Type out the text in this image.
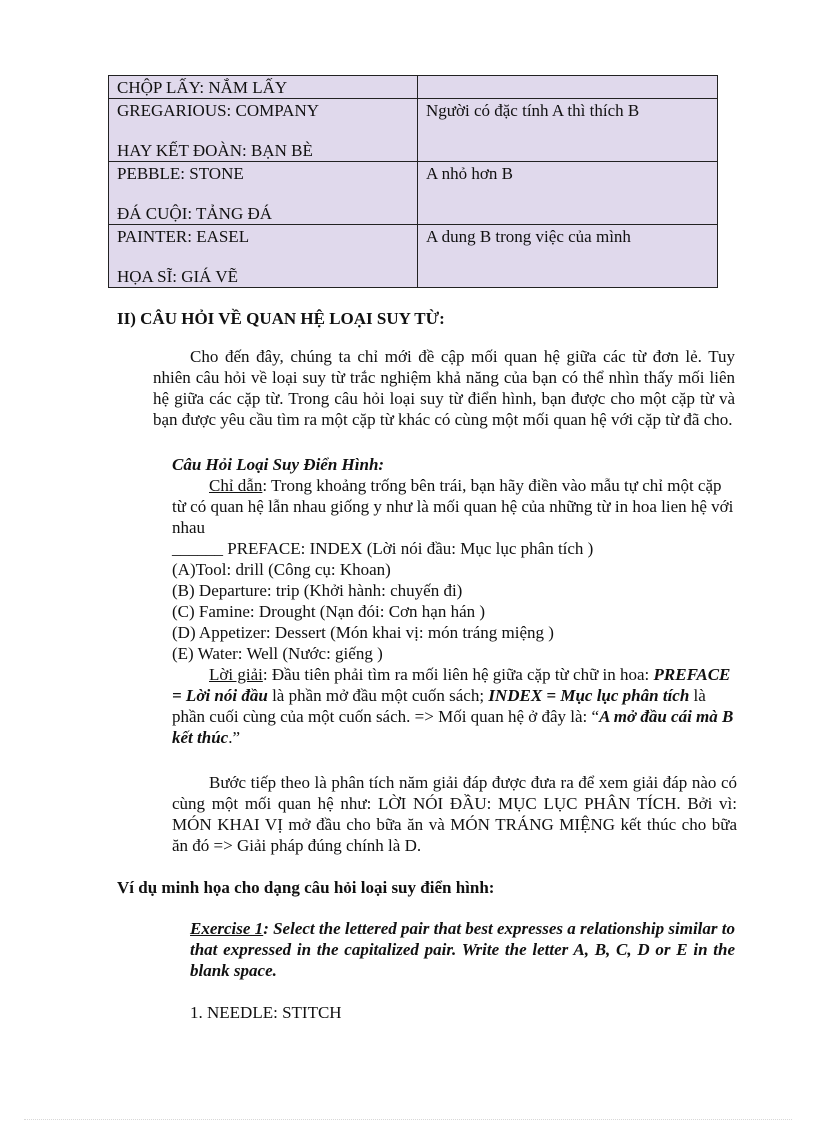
CHỘP LẤY: NẮM LẤY	

GREGARIOUS: COMPANY
HAY KẾT ĐOÀN: BẠN BÈ	Người có đặc tính A thì thích B

PEBBLE: STONE
ĐÁ CUỘI: TẢNG ĐÁ	A nhỏ hơn B

PAINTER: EASEL
HỌA SĨ: GIÁ VẼ	A dung B trong việc của mình
II) CÂU HỎI VỀ QUAN HỆ LOẠI SUY TỪ:
Cho đến đây, chúng ta chỉ mới đề cập mối quan hệ giữa các từ đơn lẻ. Tuy nhiên câu hỏi về loại suy từ trắc nghiệm khả năng của bạn có thể nhìn thấy mối liên hệ giữa các cặp từ. Trong câu hỏi loại suy từ điển hình, bạn được cho một cặp từ và bạn được yêu cầu tìm ra một cặp từ khác có cùng một mối quan hệ với cặp từ đã cho.
Câu Hỏi Loại Suy Điển Hình:

Chỉ dẫn: Trong khoảng trống bên trái, bạn hãy điền vào mẫu tự chỉ một cặp từ có quan hệ lẫn nhau giống y như là mối quan hệ của những từ in hoa lien hệ với nhau

______ PREFACE: INDEX (Lời nói đầu: Mục lục phân tích )

(A)Tool: drill (Công cụ: Khoan)

(B) Departure: trip (Khởi hành: chuyến đi)

(C) Famine: Drought (Nạn đói: Cơn hạn hán )

(D) Appetizer: Dessert (Món khai vị: món tráng miệng )

(E) Water: Well (Nước: giếng )

Lời giải: Đầu tiên phải tìm ra mối liên hệ giữa cặp từ chữ in hoa: PREFACE = Lời nói đầu là phần mở đầu một cuốn sách; INDEX = Mục lục phân tích là phần cuối cùng của một cuốn sách. => Mối quan hệ ở đây là: “A mở đầu cái mà B kết thúc.”

Bước tiếp theo là phân tích năm giải đáp được đưa ra để xem giải đáp nào có cùng một mối quan hệ như: LỜI NÓI ĐẦU: MỤC LỤC PHÂN TÍCH. Bởi vì: MÓN KHAI VỊ mở đầu cho bữa ăn và MÓN TRÁNG MIỆNG kết thúc cho bữa ăn đó => Giải pháp đúng chính là D.
Ví dụ minh họa cho dạng câu hỏi loại suy điển hình:
Exercise 1: Select the lettered pair that best expresses a relationship similar to that expressed in the capitalized pair. Write the letter A, B, C, D or E in the blank space.
1. NEEDLE: STITCH
